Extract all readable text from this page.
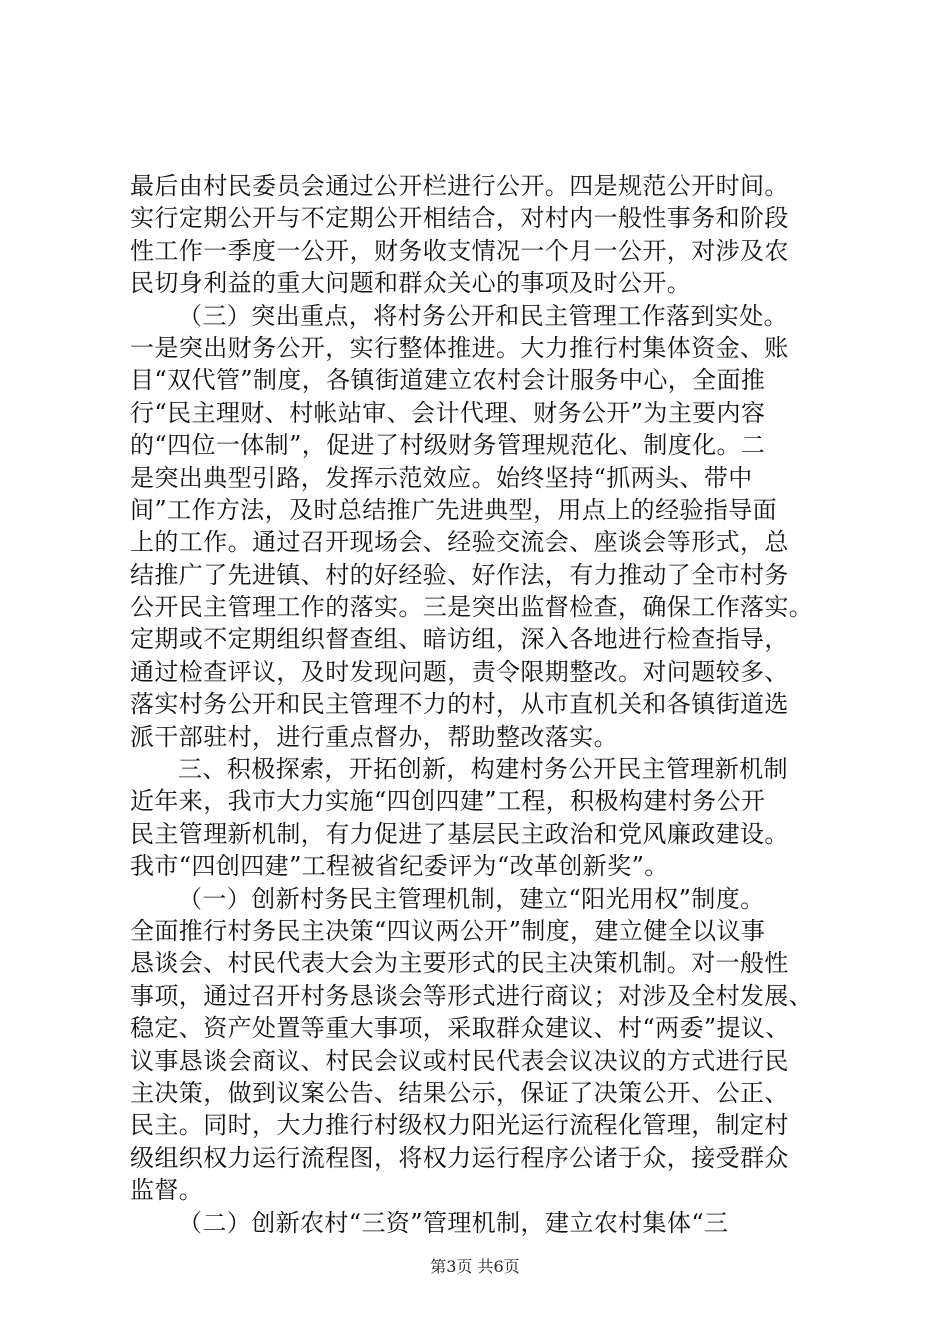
最后由村民委员会通过公开栏进行公开。四是规范公开时间。
实行定期公开与不定期公开相结合，对村内一般性事务和阶段
性工作一季度一公开，财务收支情况一个月一公开，对涉及农
民切身利益的重大问题和群众关心的事项及时公开。
（三）突出重点，将村务公开和民主管理工作落到实处。
一是突出财务公开，实行整体推进。大力推行村集体资金、账
目“双代管”制度，各镇街道建立农村会计服务中心，全面推
行“民主理财、村帐站审、会计代理、财务公开”为主要内容
的“四位一体制”，促进了村级财务管理规范化、制度化。二
是突出典型引路，发挥示范效应。始终坚持“抓两头、带中
间”工作方法，及时总结推广先进典型，用点上的经验指导面
上的工作。通过召开现场会、经验交流会、座谈会等形式，总
结推广了先进镇、村的好经验、好作法，有力推动了全市村务
公开民主管理工作的落实。三是突出监督检查，确保工作落实。
定期或不定期组织督查组、暗访组，深入各地进行检查指导，
通过检查评议，及时发现问题，责令限期整改。对问题较多、
落实村务公开和民主管理不力的村，从市直机关和各镇街道选
派干部驻村，进行重点督办，帮助整改落实。
三、积极探索，开拓创新，构建村务公开民主管理新机制
近年来，我市大力实施“四创四建”工程，积极构建村务公开
民主管理新机制，有力促进了基层民主政治和党风廉政建设。
我市“四创四建”工程被省纪委评为“改革创新奖”。
（一）创新村务民主管理机制，建立“阳光用权”制度。
全面推行村务民主决策“四议两公开”制度，建立健全以议事
恳谈会、村民代表大会为主要形式的民主决策机制。对一般性
事项，通过召开村务恳谈会等形式进行商议；对涉及全村发展、
稳定、资产处置等重大事项，采取群众建议、村“两委”提议、
议事恳谈会商议、村民会议或村民代表会议决议的方式进行民
主决策，做到议案公告、结果公示，保证了决策公开、公正、
民主。同时，大力推行村级权力阳光运行流程化管理，制定村
级组织权力运行流程图，将权力运行程序公诸于众，接受群众
监督。
（二）创新农村“三资”管理机制，建立农村集体“三
第3页 共6页
